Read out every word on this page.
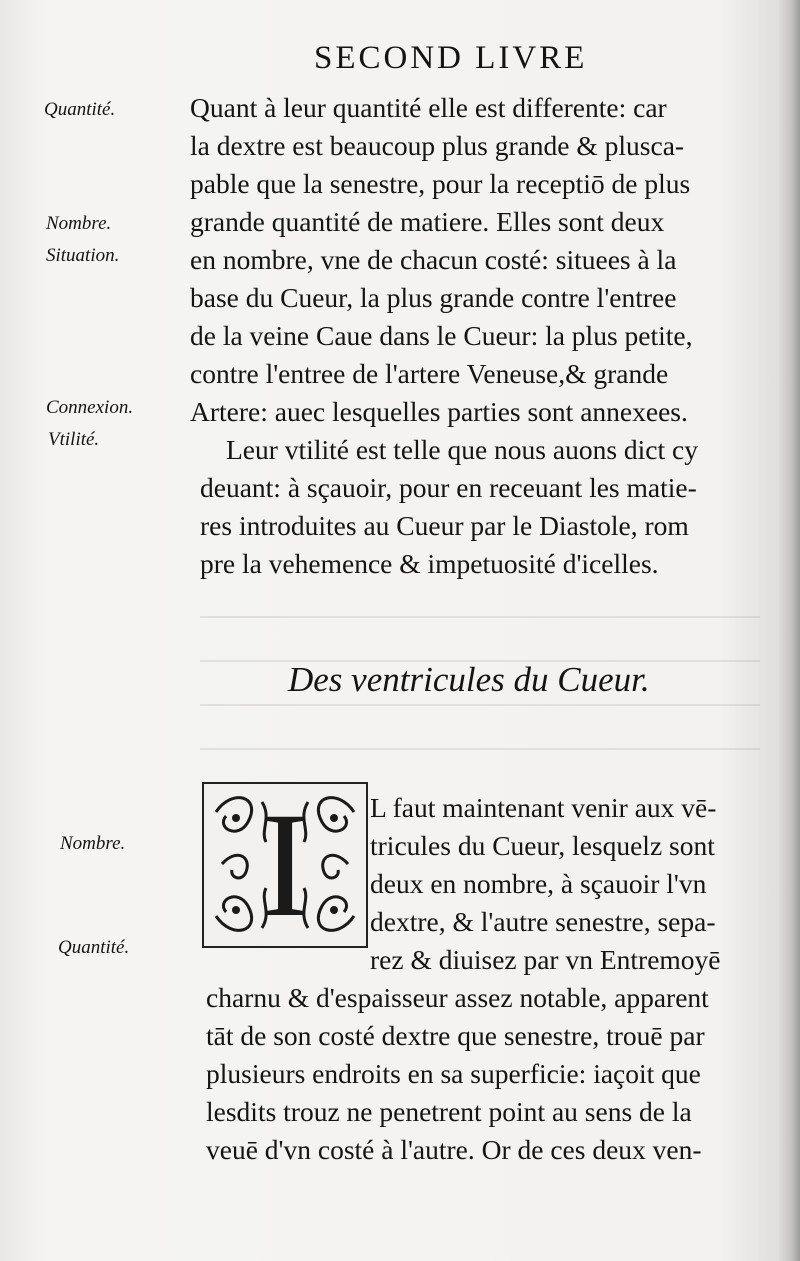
SECOND LIVRE
Quantité.
Nombre.
Situation.
Connexion.
Vtilité.
Nombre.
Quantité.
Quant à leur quantité elle est differente: car
la dextre est beaucoup plus grande & plusca-
pable que la senestre, pour la receptiō de plus
grande quantité de matiere. Elles sont deux
en nombre, vne de chacun costé: situees à la
base du Cueur, la plus grande contre l'entree
de la veine Caue dans le Cueur: la plus petite,
contre l'entree de l'artere Veneuse,& grande
Artere: auec lesquelles parties sont annexees.
Leur vtilité est telle que nous auons dict cy
deuant: à sçauoir, pour en receuant les matie-
res introduites au Cueur par le Diastole, rom
pre la vehemence & impetuosité d'icelles.
Des ventricules du Cueur.
I	L faut maintenant venir aux vē-
tricules du Cueur, lesquelz sont
deux en nombre, à sçauoir l'vn
dextre, & l'autre senestre, sepa-
rez & diuisez par vn Entremoyē
charnu & d'espaisseur assez notable, apparent
tāt de son costé dextre que senestre, trouē par
plusieurs endroits en sa superficie: iaçoit que
lesdits trouz ne penetrent point au sens de la
veuē d'vn costé à l'autre. Or de ces deux ven-
